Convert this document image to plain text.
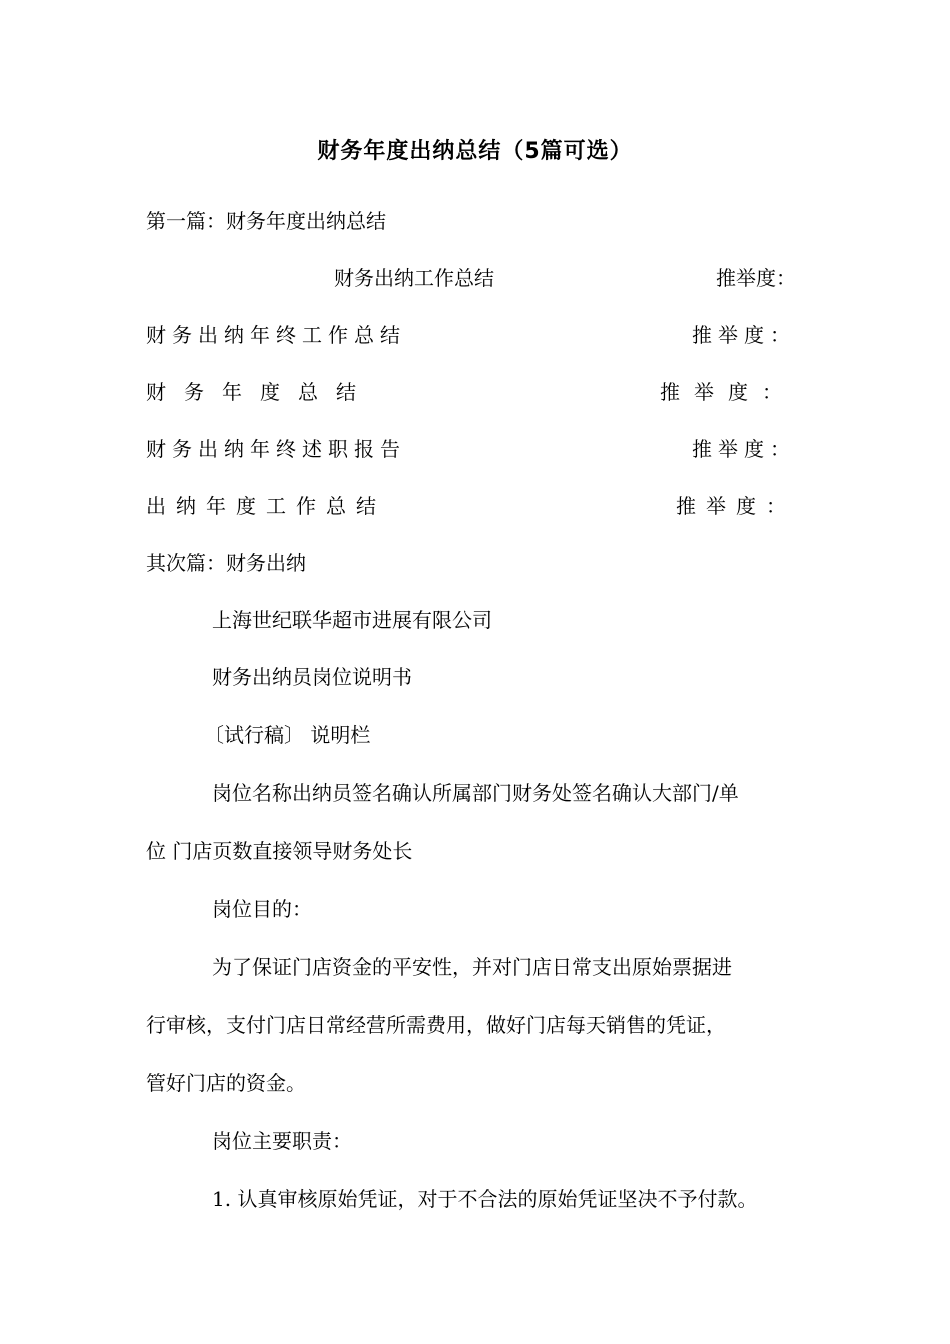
财务年度出纳总结（5篇可选）
第一篇：财务年度出纳总结
财务出纳工作总结	推举度：
财务出纳年终工作总结	推举度：
财务年度总结	推举度：
财务出纳年终述职报告	推举度：
出纳年度工作总结	推举度：
其次篇：财务出纳
上海世纪联华超市进展有限公司
财务出纳员岗位说明书
〔试行稿〕 说明栏
岗位名称出纳员签名确认所属部门财务处签名确认大部门/单
位 门店页数直接领导财务处长
岗位目的：
为了保证门店资金的平安性，并对门店日常支出原始票据进
行审核，支付门店日常经营所需费用，做好门店每天销售的凭证，
管好门店的资金。
岗位主要职责：
1. 认真审核原始凭证，对于不合法的原始凭证坚决不予付款。
